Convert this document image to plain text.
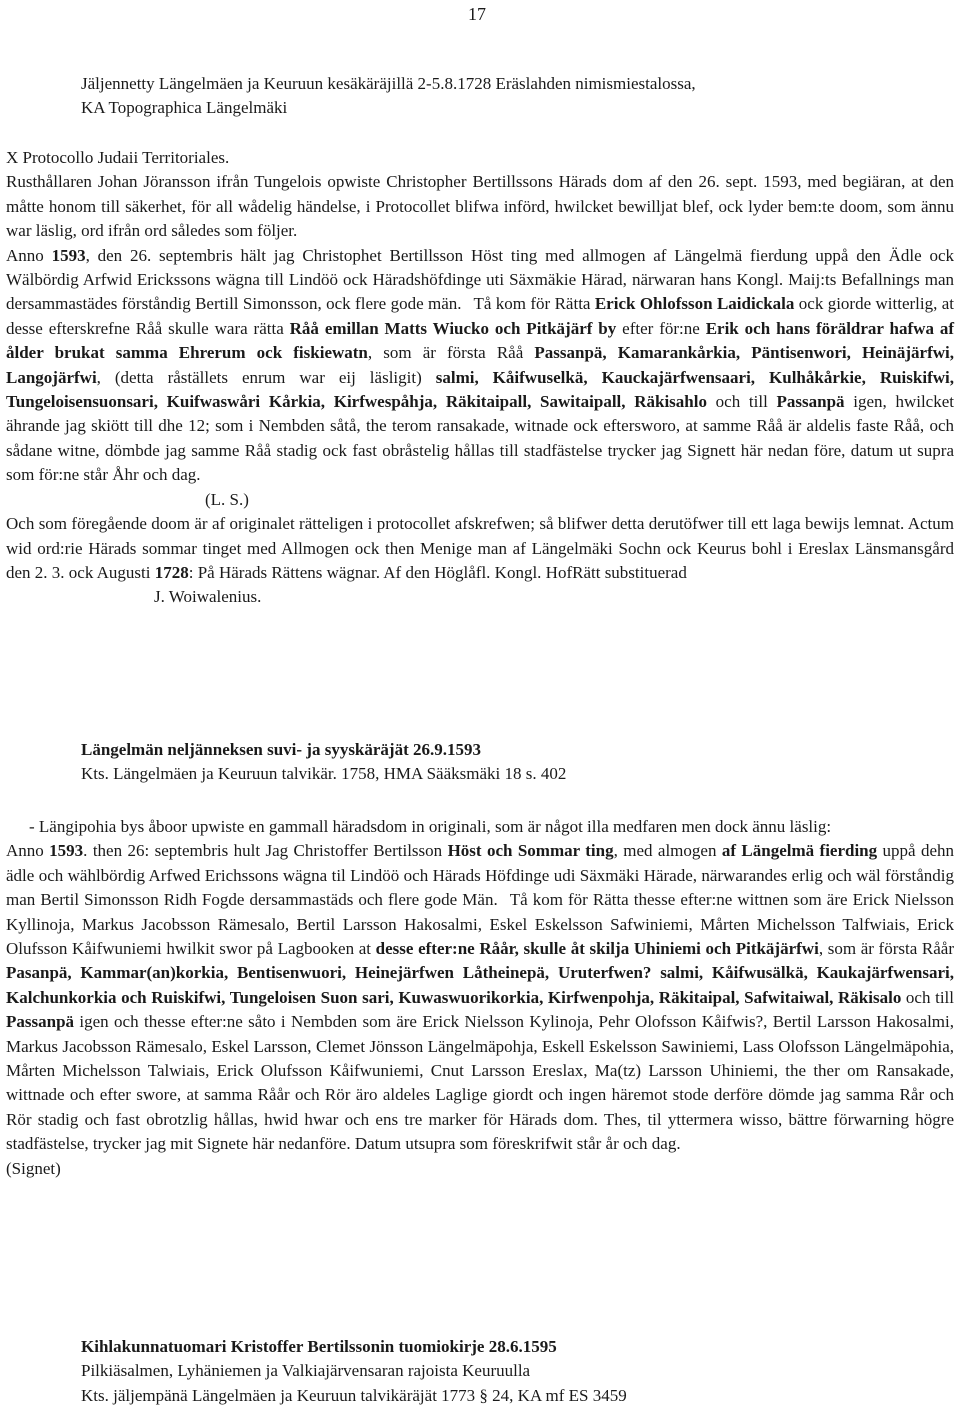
17

Jäljennetty Längelmäen ja Keuruun kesäkäräjillä 2-5.8.1728 Eräslahden nimismiestalossa,

KA Topographica Längelmäki

X Protocollo Judaii Territoriales.

Rusthållaren Johan Jöransson ifrån Tungelois opwiste Christopher Bertillssons Härads dom af den 26. sept. 1593, med begiäran, at den måtte honom till säkerhet, för all wådelig händelse, i Protocollet blifwa införd, hwilcket bewilljat blef, ock lyder bem:te doom, som ännu war läslig, ord ifrån ord således som följer.

Anno 1593, den 26. septembris hält jag Christophet Bertillsson Höst ting med allmogen af Längelmä fierdung uppå den Ädle ock Wälbördig Arfwid Erickssons wägna till Lindöö ock Häradshöfdinge uti Säxmäkie Härad, närwaran hans Kongl. Maij:ts Befallnings man dersammastädes förståndig Bertill Simonsson, ock flere gode män. Tå kom för Rätta Erick Ohlofsson Laidickala ock giorde witterlig, at desse efterskrefne Råå skulle wara rätta Råå emillan Matts Wiucko och Pitkäjärf by efter för:ne Erik och hans föräldrar hafwa af ålder brukat samma Ehrerum ock fiskiewatn, som är första Råå Passanpä, Kamarankårkia, Päntisenwori, Heinäjärfwi, Langojärfwi, (detta råställets enrum war eij läsligit) salmi, Kåifwuselkä, Kauckajärfwensaari, Kulhåkårkie, Ruiskifwi, Tungeloisensuonsari, Kuifwaswåri Kårkia, Kirfwespåhja, Räkitaipall, Sawitaipall, Räkisahlo och till Passanpä igen, hwilcket ährande jag skiött till dhe 12; som i Nembden såtå, the terom ransakade, witnade ock eftersworo, at samme Råå är aldelis faste Råå, och sådane witne, dömbde jag samme Råå stadig ock fast obråstelig hållas till stadfästelse trycker jag Signett här nedan före, datum ut supra som för:ne står Åhr och dag.

(L. S.)

Och som föregående doom är af originalet rätteligen i protocollet afskrefwen; så blifwer detta derutöfwer till ett laga bewijs lemnat. Actum wid ord:rie Härads sommar tinget med Allmogen ock then Menige man af Längelmäki Sochn ock Keurus bohl i Ereslax Länsmansgård den 2. 3. ock Augusti 1728: På Härads Rättens wägnar. Af den Höglåfl. Kongl. HofRätt substituerad

J. Woiwalenius.

Längelmän neljänneksen suvi- ja syyskäräjät 26.9.1593

Kts. Längelmäen ja Keuruun talvikär. 1758, HMA Sääksmäki 18 s. 402

- Längipohia bys åboor upwiste en gammall häradsdom in originali, som är något illa medfaren men dock ännu läslig:

Anno 1593. then 26: septembris hult Jag Christoffer Bertilsson Höst och Sommar ting, med almogen af Längelmä fierding uppå dehn ädle och wählbördig Arfwed Erichssons wägna til Lindöö och Härads Höfdinge udi Säxmäki Härade, närwarandes erlig och wäl förståndig man Bertil Simonsson Ridh Fogde dersammastäds och flere gode Män. Tå kom för Rätta thesse efter:ne wittnen som äre Erick Nielsson Kyllinoja, Markus Jacobsson Rämesalo, Bertil Larsson Hakosalmi, Eskel Eskelsson Safwiniemi, Mårten Michelsson Talfwiais, Erick Olufsson Kåifwuniemi hwilkit swor på Lagbooken at desse efter:ne Råår, skulle åt skilja Uhiniemi och Pitkäjärfwi, som är första Råår Pasanpä, Kammar(an)korkia, Bentisenwuori, Heinejärfwen Låtheinepä, Uruterfwen? salmi, Kåifwusälkä, Kaukajärfwensari, Kalchunkorkia och Ruiskifwi, Tungeloisen Suon sari, Kuwaswuorikorkia, Kirfwenpohja, Räkitaipal, Safwitaiwal, Räkisalo och till Passanpä igen och thesse efter:ne såto i Nembden som äre Erick Nielsson Kylinoja, Pehr Olofsson Kåifwis?, Bertil Larsson Hakosalmi, Markus Jacobsson Rämesalo, Eskel Larsson, Clemet Jönsson Längelmäpohja, Eskell Eskelsson Sawiniemi, Lass Olofsson Längelmäpohia, Mårten Michelsson Talwiais, Erick Olufsson Kåifwuniemi, Cnut Larsson Ereslax, Ma(tz) Larsson Uhiniemi, the ther om Ransakade, wittnade och efter swore, at samma Råår och Rör äro aldeles Laglige giordt och ingen häremot stode derföre dömde jag samma Rår och Rör stadig och fast obrotzlig hållas, hwid hwar och ens tre marker för Härads dom. Thes, til yttermera wisso, bättre förwarning högre stadfästelse, trycker jag mit Signete här nedanföre. Datum utsupra som föreskrifwit står år och dag.

(Signet)

Kihlakunnatuomari Kristoffer Bertilssonin tuomiokirje 28.6.1595

Pilkiäsalmen, Lyhäniemen ja Valkiajärvensaran rajoista Keuruulla

Kts. jäljempänä Längelmäen ja Keuruun talvikäräjät 1773 § 24, KA mf ES 3459
